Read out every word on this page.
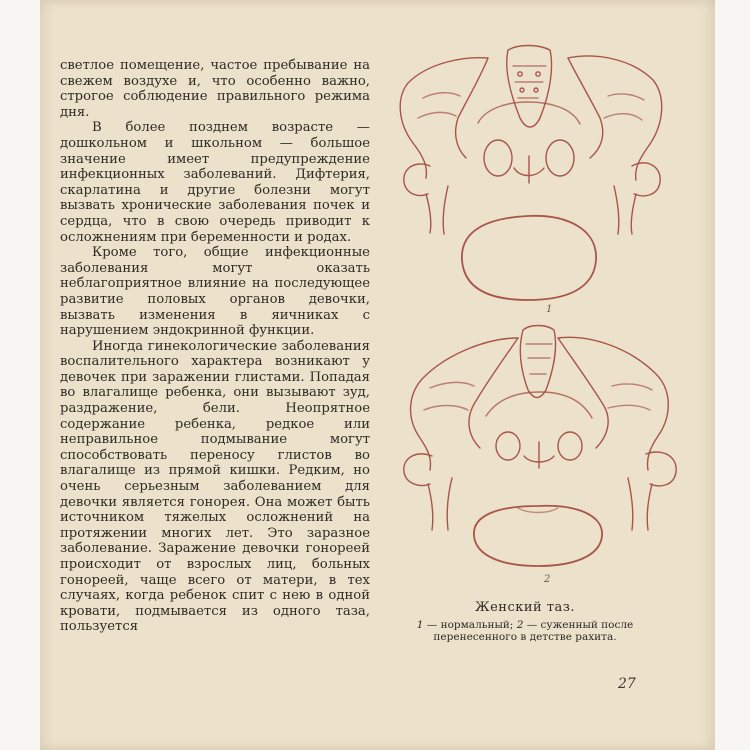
светлое помещение, частое пребывание на свежем воздухе и, что особенно важно, строгое соблюдение правильного режима дня.

В более позднем возрасте — дошкольном и школьном — большое значение имеет предупреждение инфекционных заболеваний. Дифтерия, скарлатина и другие болезни могут вызвать хронические заболевания почек и сердца, что в свою очередь приводит к осложнениям при беременности и родах.

Кроме того, общие инфекционные заболевания могут оказать неблагоприятное влияние на последующее развитие половых органов девочки, вызвать изменения в яичниках с нарушением эндокринной функции.

Иногда гинекологические заболевания воспалительного характера возникают у девочек при заражении глистами. Попадая во влагалище ребенка, они вызывают зуд, раздражение, бели. Неопрятное содержание ребенка, редкое или неправильное подмывание могут способствовать переносу глистов во влагалище из прямой кишки. Редким, но очень серьезным заболеванием для девочки является гонорея. Она может быть источником тяжелых осложнений на протяжении многих лет. Это заразное заболевание. Заражение девочки гонореей происходит от взрослых лиц, больных гонореей, чаще всего от матери, в тех случаях, когда ребенок спит с нею в одной кровати, подмывается из одного таза, пользуется

1
2
Женский таз.
1 — нормальный; 2 — суженный после перенесенного в детстве рахита.
27
